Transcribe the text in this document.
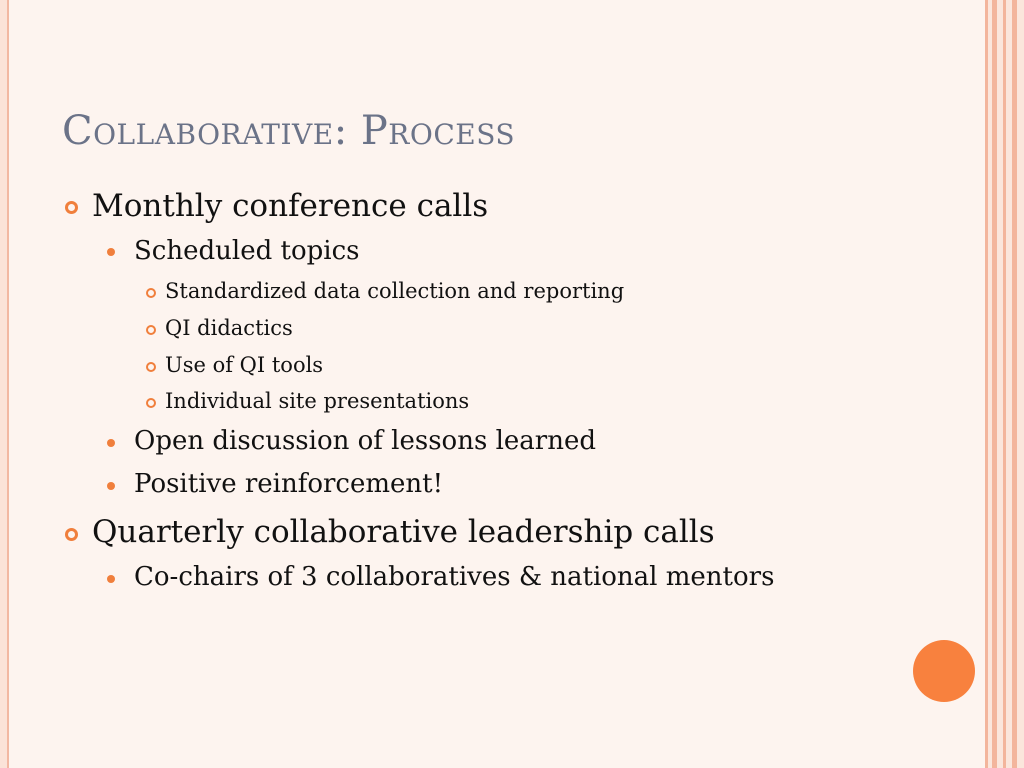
Collaborative: Process
Monthly conference calls
Scheduled topics
Standardized data collection and reporting
QI didactics
Use of QI tools
Individual site presentations
Open discussion of lessons learned
Positive reinforcement!
Quarterly collaborative leadership calls
Co-chairs of 3 collaboratives & national mentors
